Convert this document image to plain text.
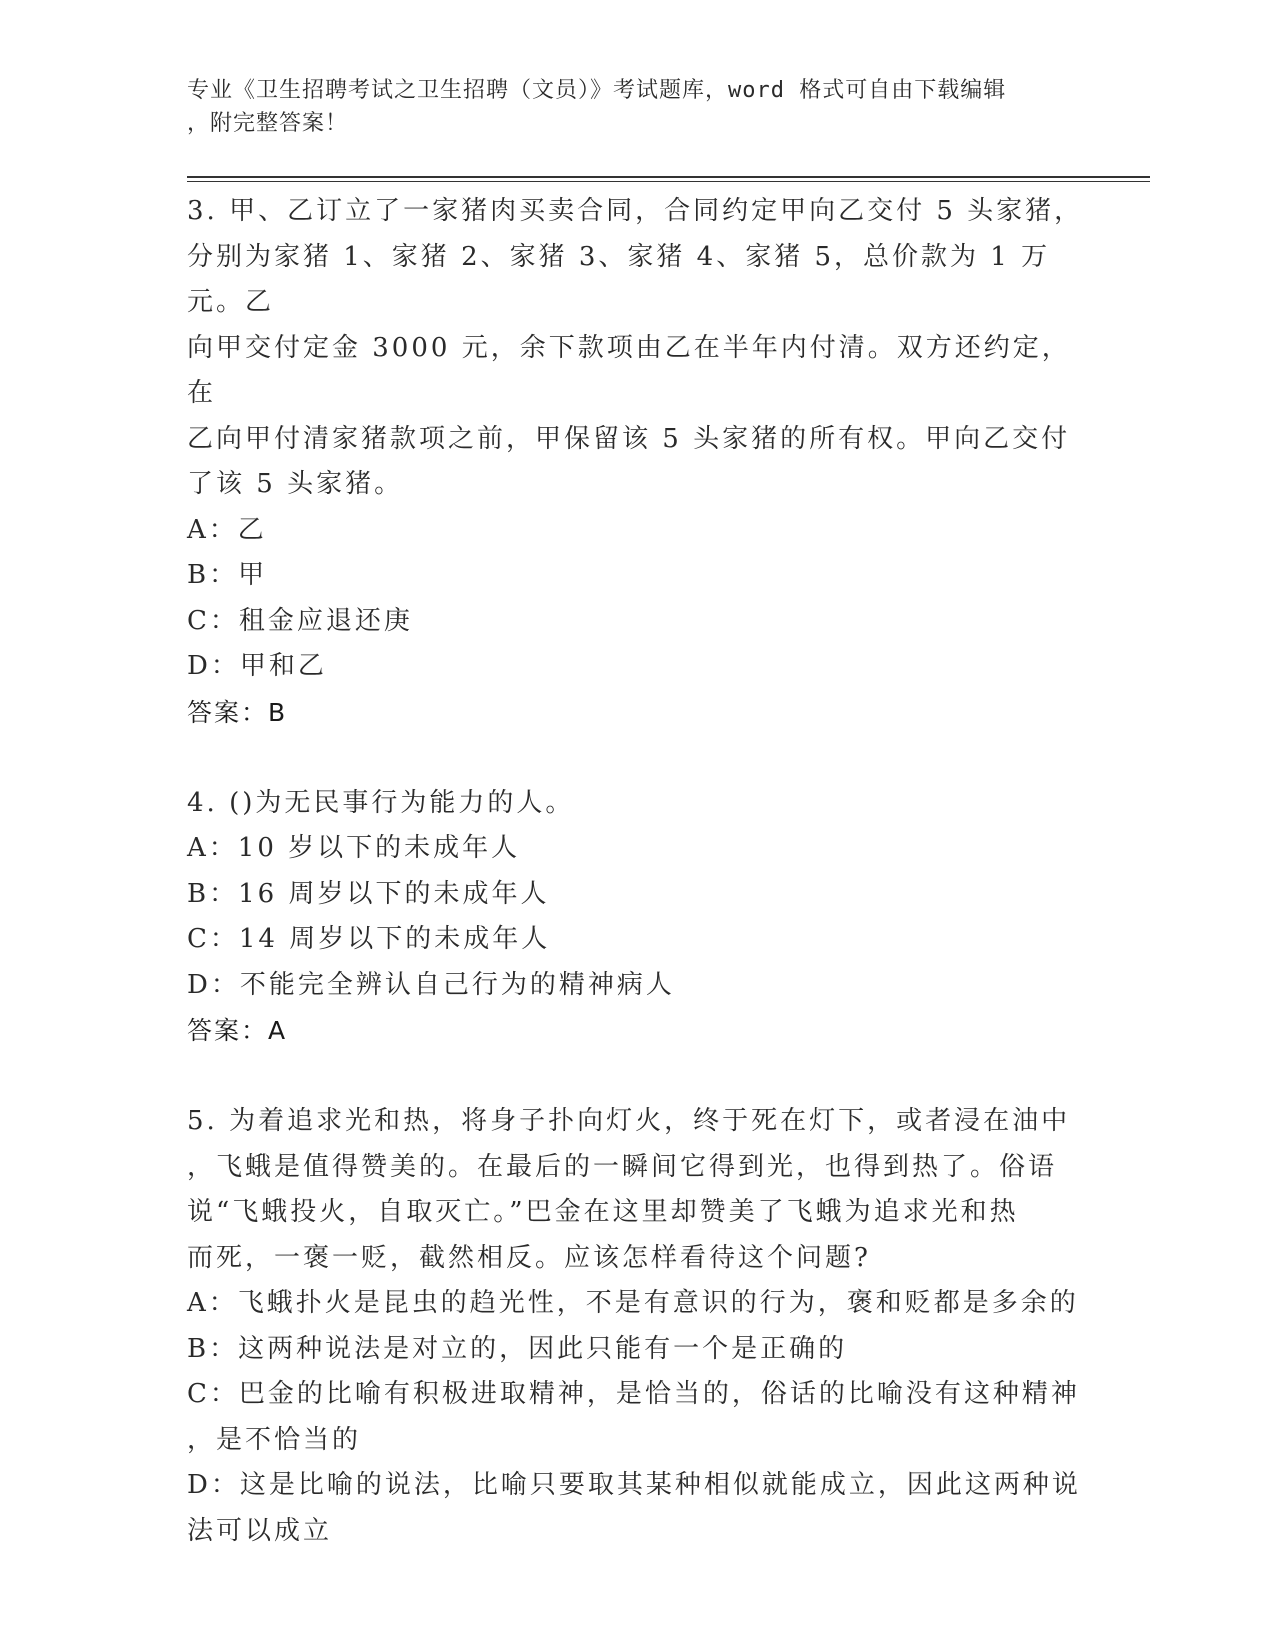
专业《卫生招聘考试之卫生招聘（文员）》考试题库，word 格式可自由下载编辑
，附完整答案！
3. 甲、乙订立了一家猪肉买卖合同，合同约定甲向乙交付 5 头家猪，
分别为家猪 1、家猪 2、家猪 3、家猪 4、家猪 5，总价款为 1 万元。乙
向甲交付定金 3000 元，余下款项由乙在半年内付清。双方还约定，在
乙向甲付清家猪款项之前，甲保留该 5 头家猪的所有权。甲向乙交付
了该 5 头家猪。
A：乙
B：甲
C：租金应退还庚
D：甲和乙
答案：B
4. ()为无民事行为能力的人。
A：10 岁以下的未成年人
B：16 周岁以下的未成年人
C：14 周岁以下的未成年人
D：不能完全辨认自己行为的精神病人
答案：A
5. 为着追求光和热，将身子扑向灯火，终于死在灯下，或者浸在油中
，飞蛾是值得赞美的。在最后的一瞬间它得到光，也得到热了。俗语
说“飞蛾投火，自取灭亡。”巴金在这里却赞美了飞蛾为追求光和热
而死，一褒一贬，截然相反。应该怎样看待这个问题?
A：飞蛾扑火是昆虫的趋光性，不是有意识的行为，褒和贬都是多余的
B：这两种说法是对立的，因此只能有一个是正确的
C：巴金的比喻有积极进取精神，是恰当的，俗话的比喻没有这种精神
，是不恰当的
D：这是比喻的说法，比喻只要取其某种相似就能成立，因此这两种说
法可以成立
